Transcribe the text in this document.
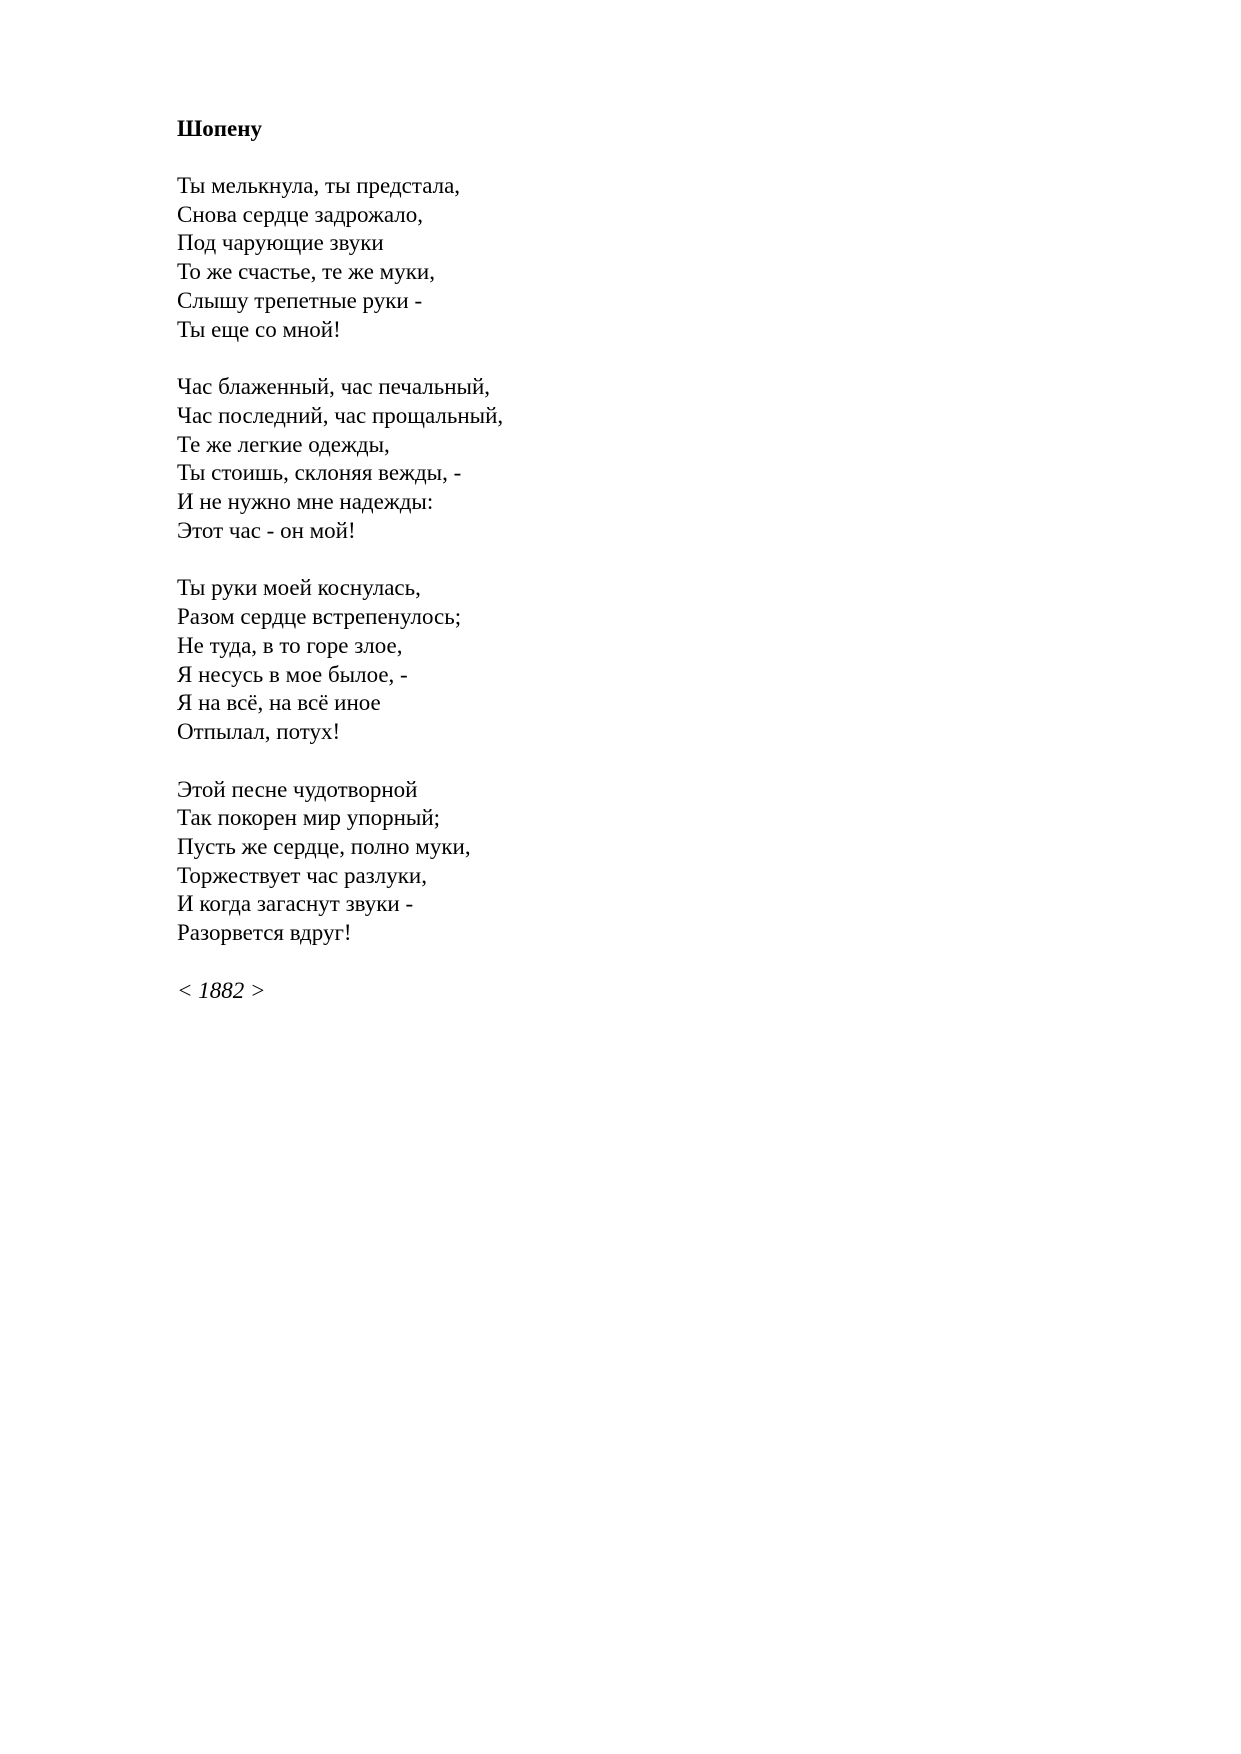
Шопену
Ты мелькнула, ты предстала,
Снова сердце задрожало,
Под чарующие звуки
То же счастье, те же муки,
Слышу трепетные руки -
Ты еще со мной!
Час блаженный, час печальный,
Час последний, час прощальный,
Те же легкие одежды,
Ты стоишь, склоняя вежды, -
И не нужно мне надежды:
Этот час - он мой!
Ты руки моей коснулась,
Разом сердце встрепенулось;
Не туда, в то горе злое,
Я несусь в мое былое, -
Я на всё, на всё иное
Отпылал, потух!
Этой песне чудотворной
Так покорен мир упорный;
Пусть же сердце, полно муки,
Торжествует час разлуки,
И когда загаснут звуки -
Разорвется вдруг!
< 1882 >
